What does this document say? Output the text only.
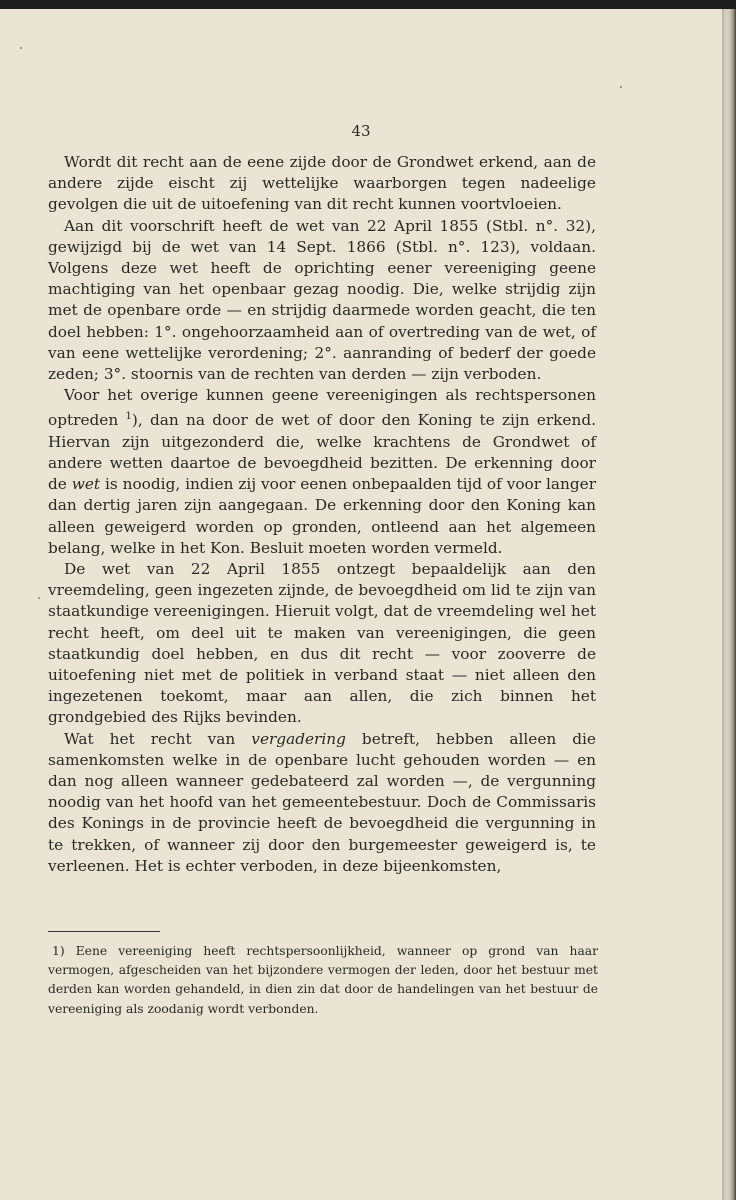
43

Wordt dit recht aan de eene zijde door de Grondwet erkend, aan de andere zijde eischt zij wettelijke waarborgen tegen nadeelige gevolgen die uit de uitoefening van dit recht kunnen voortvloeien.

Aan dit voorschrift heeft de wet van 22 April 1855 (Stbl. n°. 32), gewijzigd bij de wet van 14 Sept. 1866 (Stbl. n°. 123), voldaan. Volgens deze wet heeft de oprichting eener vereeniging geene machtiging van het openbaar gezag noodig. Die, welke strijdig zijn met de openbare orde — en strijdig daarmede worden geacht, die ten doel hebben: 1°. ongehoorzaamheid aan of overtreding van de wet, of van eene wettelijke verordening; 2°. aanranding of bederf der goede zeden; 3°. stoornis van de rechten van derden — zijn verboden.

Voor het overige kunnen geene vereenigingen als rechtspersonen optreden $^1$), dan na door de wet of door den Koning te zijn erkend. Hiervan zijn uitgezonderd die, welke krachtens de Grondwet of andere wetten daartoe de bevoegdheid bezitten. De erkenning door de wet is noodig, indien zij voor eenen onbepaalden tijd of voor langer dan dertig jaren zijn aangegaan. De erkenning door den Koning kan alleen geweigerd worden op gronden, ontleend aan het algemeen belang, welke in het Kon. Besluit moeten worden vermeld.

De wet van 22 April 1855 ontzegt bepaaldelijk aan den vreemdeling, geen ingezeten zijnde, de bevoegdheid om lid te zijn van staatkundige vereenigingen. Hieruit volgt, dat de vreemdeling wel het recht heeft, om deel uit te maken van vereenigingen, die geen staatkundig doel hebben, en dus dit recht — voor zooverre de uitoefening niet met de politiek in verband staat — niet alleen den ingezetenen toekomt, maar aan allen, die zich binnen het grondgebied des Rijks bevinden.

Wat het recht van vergadering betreft, hebben alleen die samenkomsten welke in de openbare lucht gehouden worden — en dan nog alleen wanneer gedebateerd zal worden —, de vergunning noodig van het hoofd van het gemeentebestuur. Doch de Commissaris des Konings in de provincie heeft de bevoegdheid die vergunning in te trekken, of wanneer zij door den burgemeester geweigerd is, te verleenen. Het is echter verboden, in deze bijeenkomsten,

1) Eene vereeniging heeft rechtspersoonlijkheid, wanneer op grond van haar vermogen, afgescheiden van het bijzondere vermogen der leden, door het bestuur met derden kan worden gehandeld, in dien zin dat door de handelingen van het bestuur de vereeniging als zoodanig wordt verbonden.
